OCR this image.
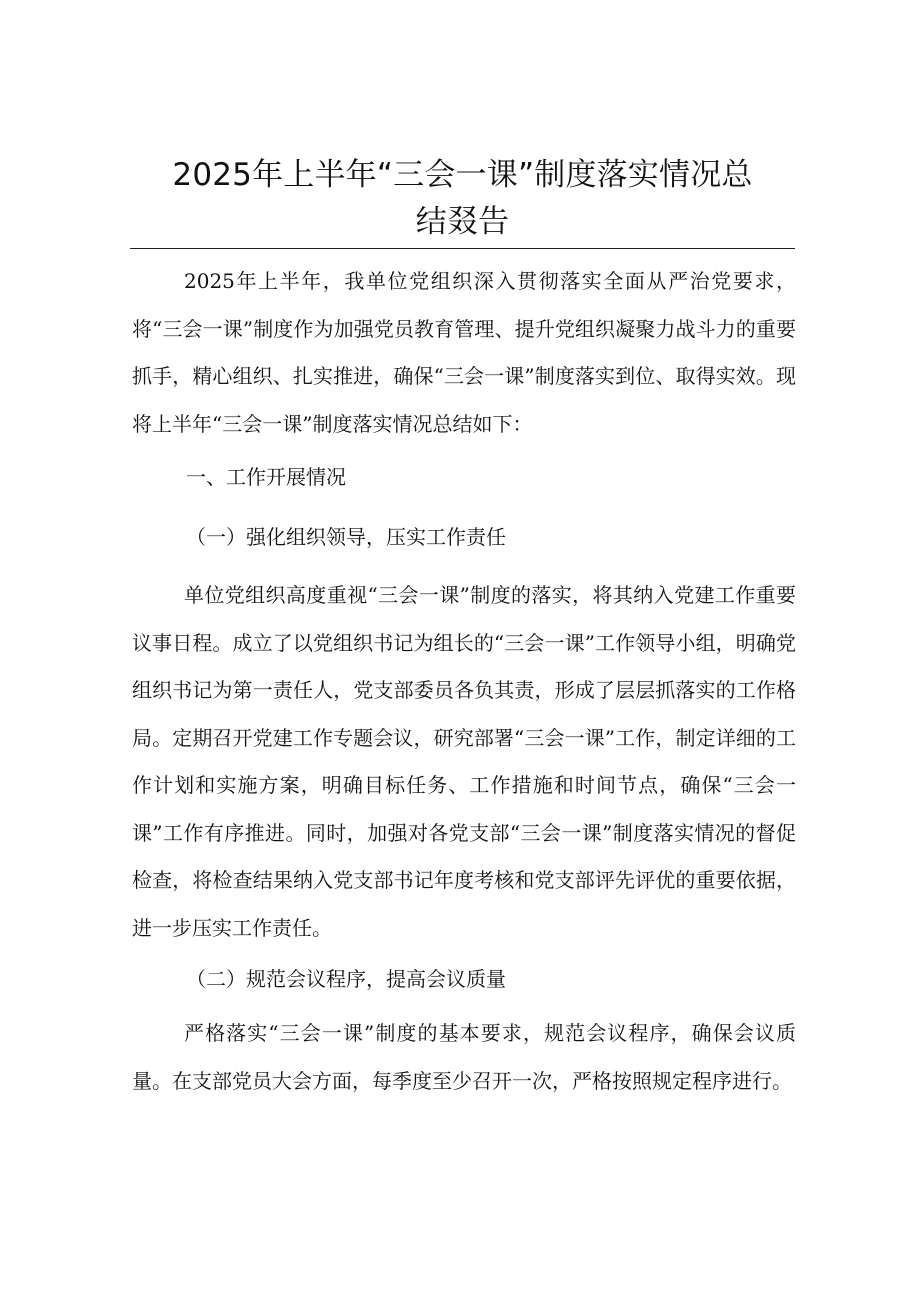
2025年上半年“三会一课”制度落实情况总
结叕告

2025年上半年，我单位党组织深入贯彻落实全面从严治党要求，将“三会一课”制度作为加强党员教育管理、提升党组织凝聚力战斗力的重要抓手，精心组织、扎实推进，确保“三会一课”制度落实到位、取得实效。现将上半年“三会一课”制度落实情况总结如下：

一、工作开展情况

（一）强化组织领导，压实工作责任

单位党组织高度重视“三会一课”制度的落实，将其纳入党建工作重要议事日程。成立了以党组织书记为组长的“三会一课”工作领导小组，明确党组织书记为第一责任人，党支部委员各负其责，形成了层层抓落实的工作格局。定期召开党建工作专题会议，研究部署“三会一课”工作，制定详细的工作计划和实施方案，明确目标任务、工作措施和时间节点，确保“三会一课”工作有序推进。同时，加强对各党支部“三会一课”制度落实情况的督促检查，将检查结果纳入党支部书记年度考核和党支部评先评优的重要依据，进一步压实工作责任。

（二）规范会议程序，提高会议质量

严格落实“三会一课”制度的基本要求，规范会议程序，确保会议质量。在支部党员大会方面，每季度至少召开一次，严格按照规定程序进行。
